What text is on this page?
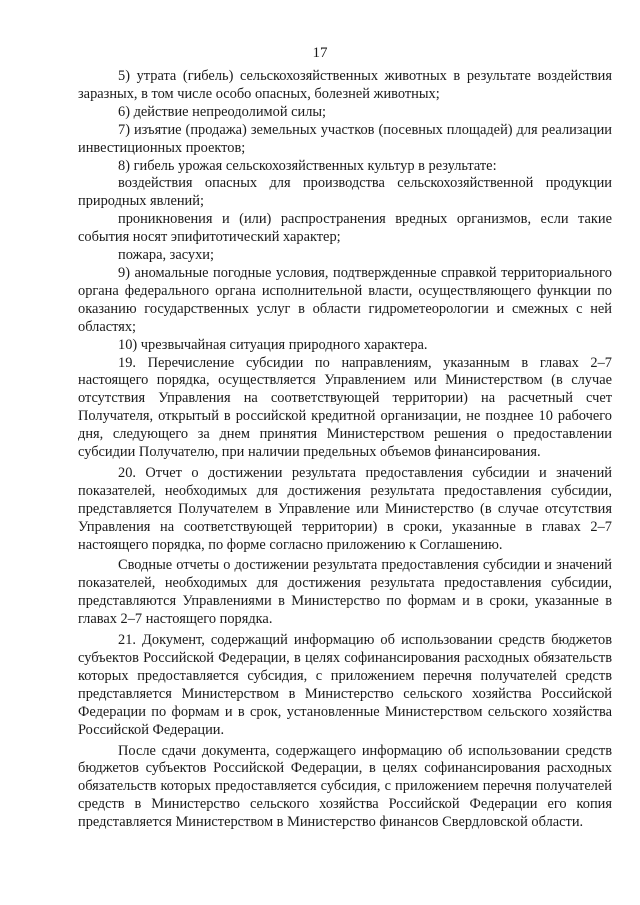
17

5) утрата (гибель) сельскохозяйственных животных в результате воздействия заразных, в том числе особо опасных, болезней животных;

6) действие непреодолимой силы;

7) изъятие (продажа) земельных участков (посевных площадей) для реализации инвестиционных проектов;

8) гибель урожая сельскохозяйственных культур в результате:

воздействия опасных для производства сельскохозяйственной продукции природных явлений;

проникновения и (или) распространения вредных организмов, если такие события носят эпифитотический характер;

пожара, засухи;

9) аномальные погодные условия, подтвержденные справкой территориального органа федерального органа исполнительной власти, осуществляющего функции по оказанию государственных услуг в области гидрометеорологии и смежных с ней областях;

10) чрезвычайная ситуация природного характера.

19. Перечисление субсидии по направлениям, указанным в главах 2–7 настоящего порядка, осуществляется Управлением или Министерством (в случае отсутствия Управления на соответствующей территории) на расчетный счет Получателя, открытый в российской кредитной организации, не позднее 10 рабочего дня, следующего за днем принятия Министерством решения о предоставлении субсидии Получателю, при наличии предельных объемов финансирования.

20. Отчет о достижении результата предоставления субсидии и значений показателей, необходимых для достижения результата предоставления субсидии, представляется Получателем в Управление или Министерство (в случае отсутствия Управления на соответствующей территории) в сроки, указанные в главах 2–7 настоящего порядка, по форме согласно приложению к Соглашению.

Сводные отчеты о достижении результата предоставления субсидии и значений показателей, необходимых для достижения результата предоставления субсидии, представляются Управлениями в Министерство по формам и в сроки, указанные в главах 2–7 настоящего порядка.

21. Документ, содержащий информацию об использовании средств бюджетов субъектов Российской Федерации, в целях софинансирования расходных обязательств которых предоставляется субсидия, с приложением перечня получателей средств представляется Министерством в Министерство сельского хозяйства Российской Федерации по формам и в срок, установленные Министерством сельского хозяйства Российской Федерации.

После сдачи документа, содержащего информацию об использовании средств бюджетов субъектов Российской Федерации, в целях софинансирования расходных обязательств которых предоставляется субсидия, с приложением перечня получателей средств в Министерство сельского хозяйства Российской Федерации его копия представляется Министерством в Министерство финансов Свердловской области.
